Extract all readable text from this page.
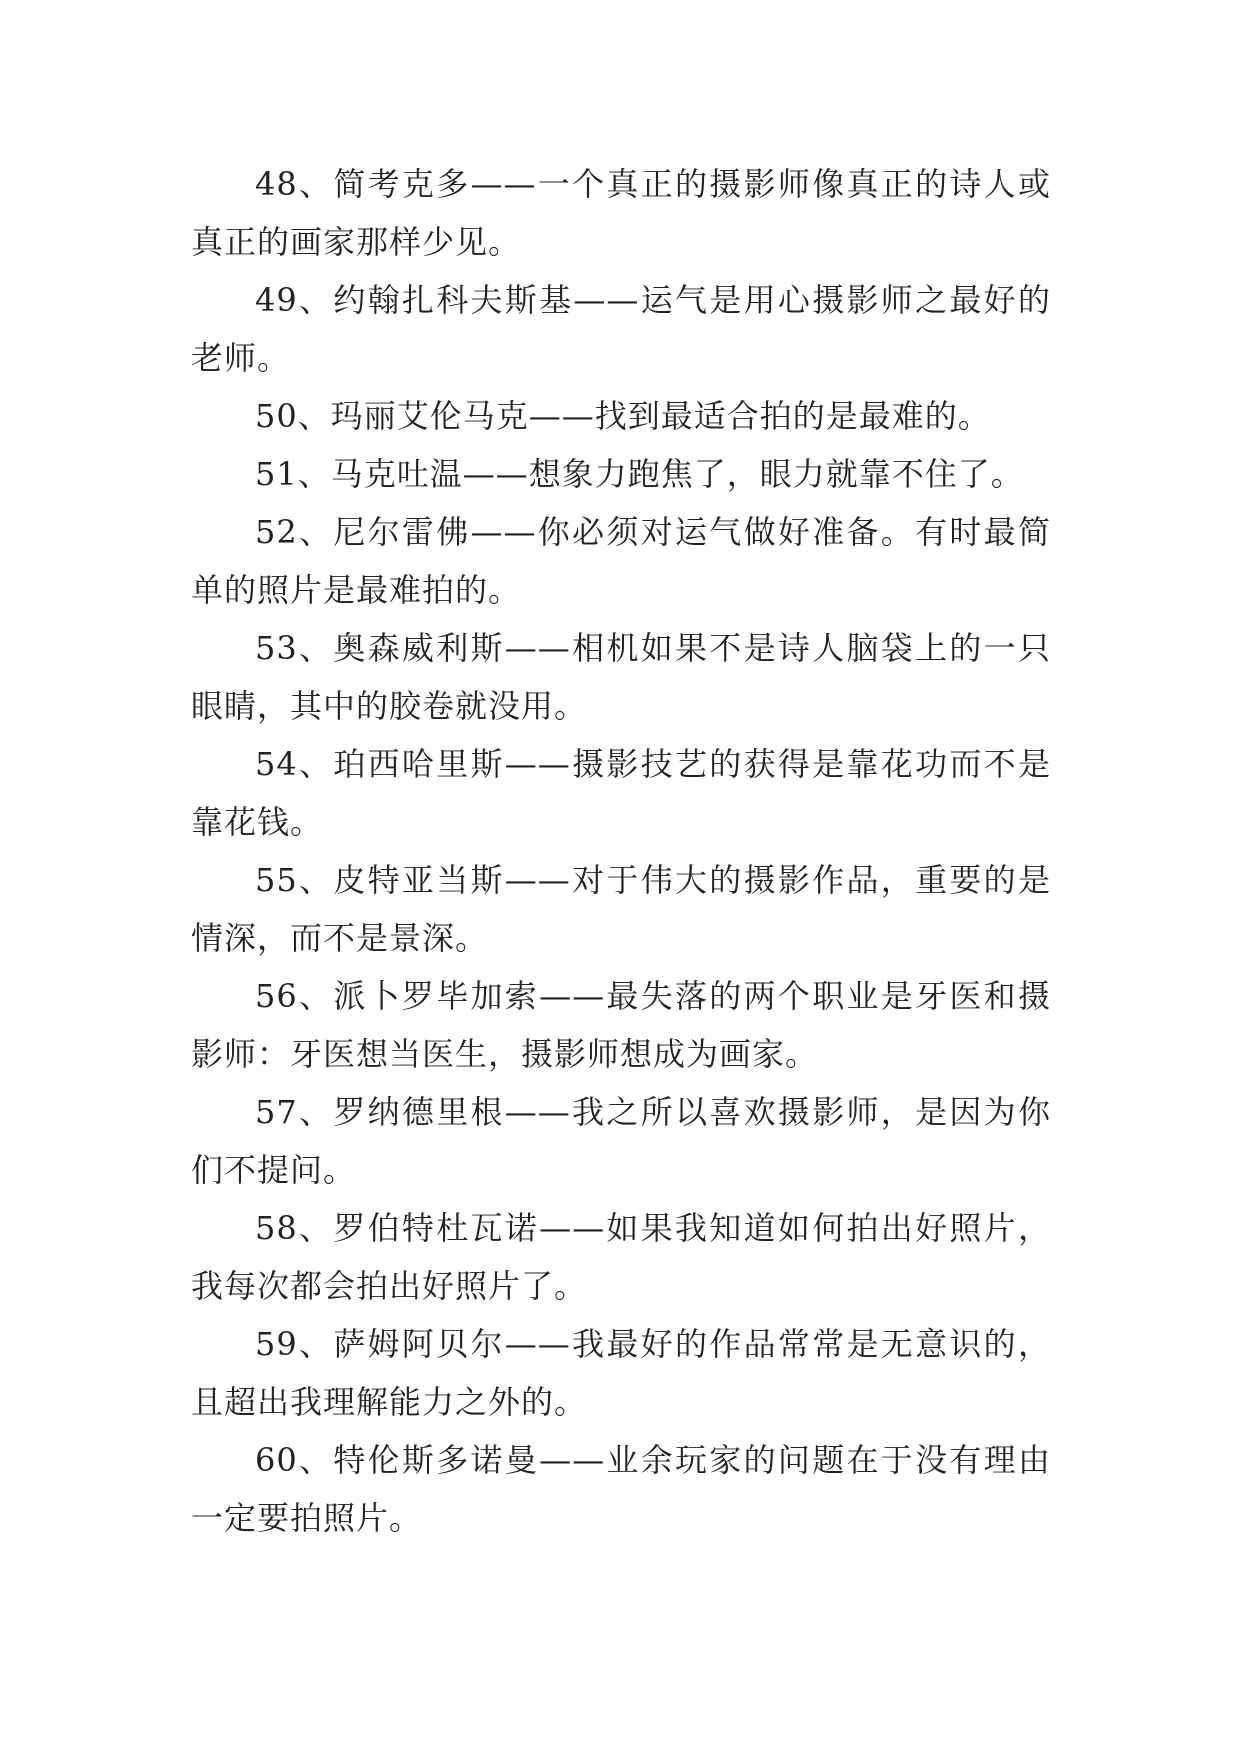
48、简考克多——一个真正的摄影师像真正的诗人或真正的画家那样少见。

49、约翰扎科夫斯基——运气是用心摄影师之最好的老师。

50、玛丽艾伦马克——找到最适合拍的是最难的。

51、马克吐温——想象力跑焦了，眼力就靠不住了。

52、尼尔雷佛——你必须对运气做好准备。有时最简单的照片是最难拍的。

53、奥森威利斯——相机如果不是诗人脑袋上的一只眼睛，其中的胶卷就没用。

54、珀西哈里斯——摄影技艺的获得是靠花功而不是靠花钱。

55、皮特亚当斯——对于伟大的摄影作品，重要的是情深，而不是景深。

56、派卜罗毕加索——最失落的两个职业是牙医和摄影师：牙医想当医生，摄影师想成为画家。

57、罗纳德里根——我之所以喜欢摄影师，是因为你们不提问。

58、罗伯特杜瓦诺——如果我知道如何拍出好照片，我每次都会拍出好照片了。

59、萨姆阿贝尔——我最好的作品常常是无意识的，且超出我理解能力之外的。

60、特伦斯多诺曼——业余玩家的问题在于没有理由一定要拍照片。
